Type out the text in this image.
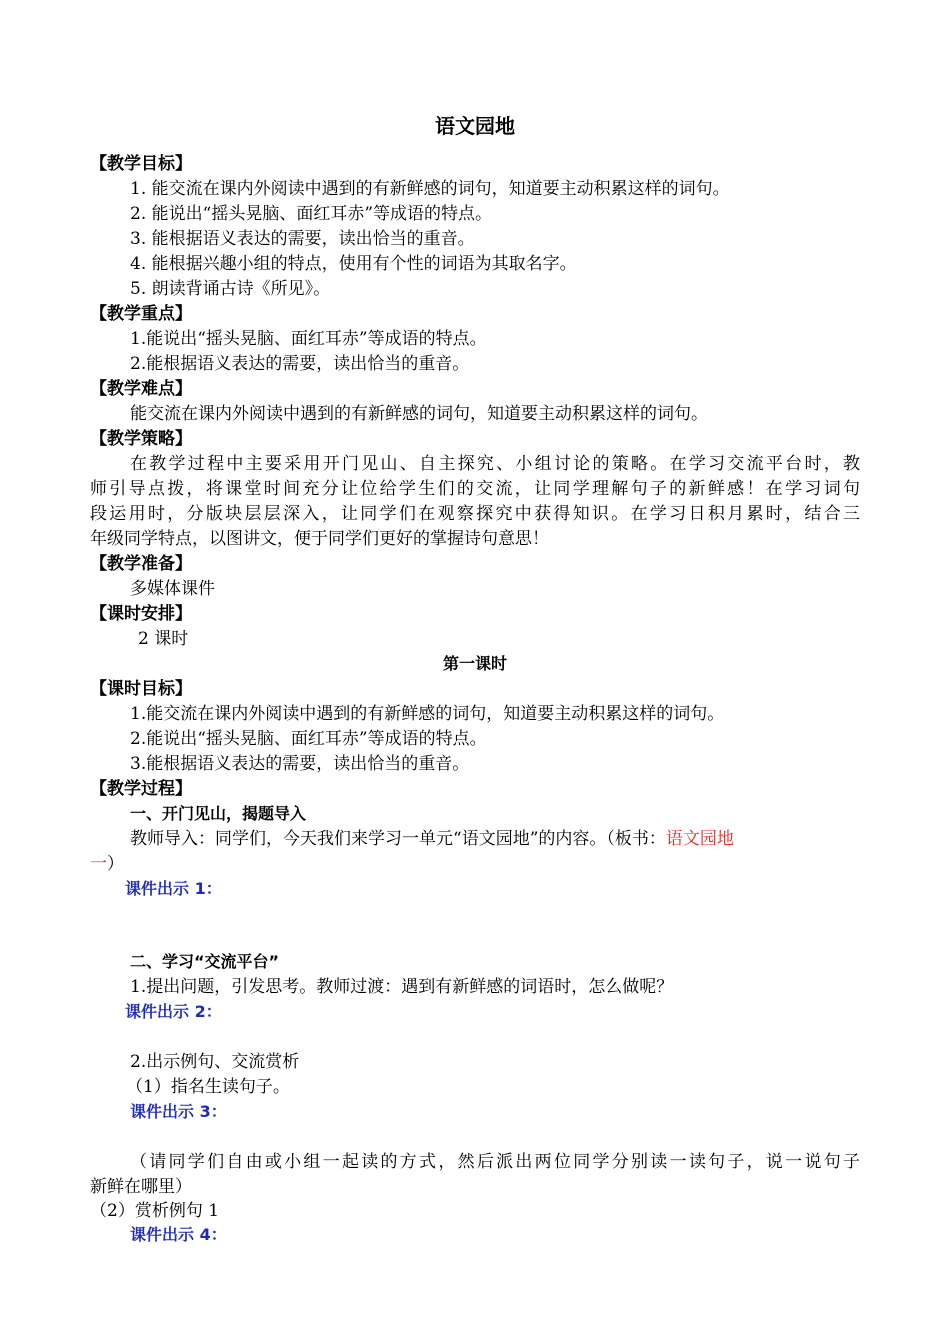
语文园地
【教学目标】
1. 能交流在课内外阅读中遇到的有新鲜感的词句，知道要主动积累这样的词句。
2. 能说出“摇头晃脑、面红耳赤”等成语的特点。
3. 能根据语义表达的需要，读出恰当的重音。
4. 能根据兴趣小组的特点，使用有个性的词语为其取名字。
5. 朗读背诵古诗《所见》。
【教学重点】
1.能说出“摇头晃脑、面红耳赤”等成语的特点。
2.能根据语义表达的需要，读出恰当的重音。
【教学难点】
能交流在课内外阅读中遇到的有新鲜感的词句，知道要主动积累这样的词句。
【教学策略】
在教学过程中主要采用开门见山、自主探究、小组讨论的策略。在学习交流平台时，教
师引导点拨，将课堂时间充分让位给学生们的交流，让同学理解句子的新鲜感！在学习词句
段运用时，分版块层层深入，让同学们在观察探究中获得知识。在学习日积月累时，结合三
年级同学特点，以图讲文，便于同学们更好的掌握诗句意思！
【教学准备】
多媒体课件
【课时安排】
2 课时
第一课时
【课时目标】
1.能交流在课内外阅读中遇到的有新鲜感的词句，知道要主动积累这样的词句。
2.能说出“摇头晃脑、面红耳赤”等成语的特点。
3.能根据语义表达的需要，读出恰当的重音。
【教学过程】
一、开门见山，揭题导入
教师导入：同学们，今天我们来学习一单元“语文园地”的内容。（板书：语文园地
一）
课件出示 1：
二、学习“交流平台”
1.提出问题，引发思考。教师过渡：遇到有新鲜感的词语时，怎么做呢？
课件出示 2：
2.出示例句、交流赏析
（1）指名生读句子。
课件出示 3：
（请同学们自由或小组一起读的方式，然后派出两位同学分别读一读句子，说一说句子
新鲜在哪里）
（2）赏析例句 1
课件出示 4：
